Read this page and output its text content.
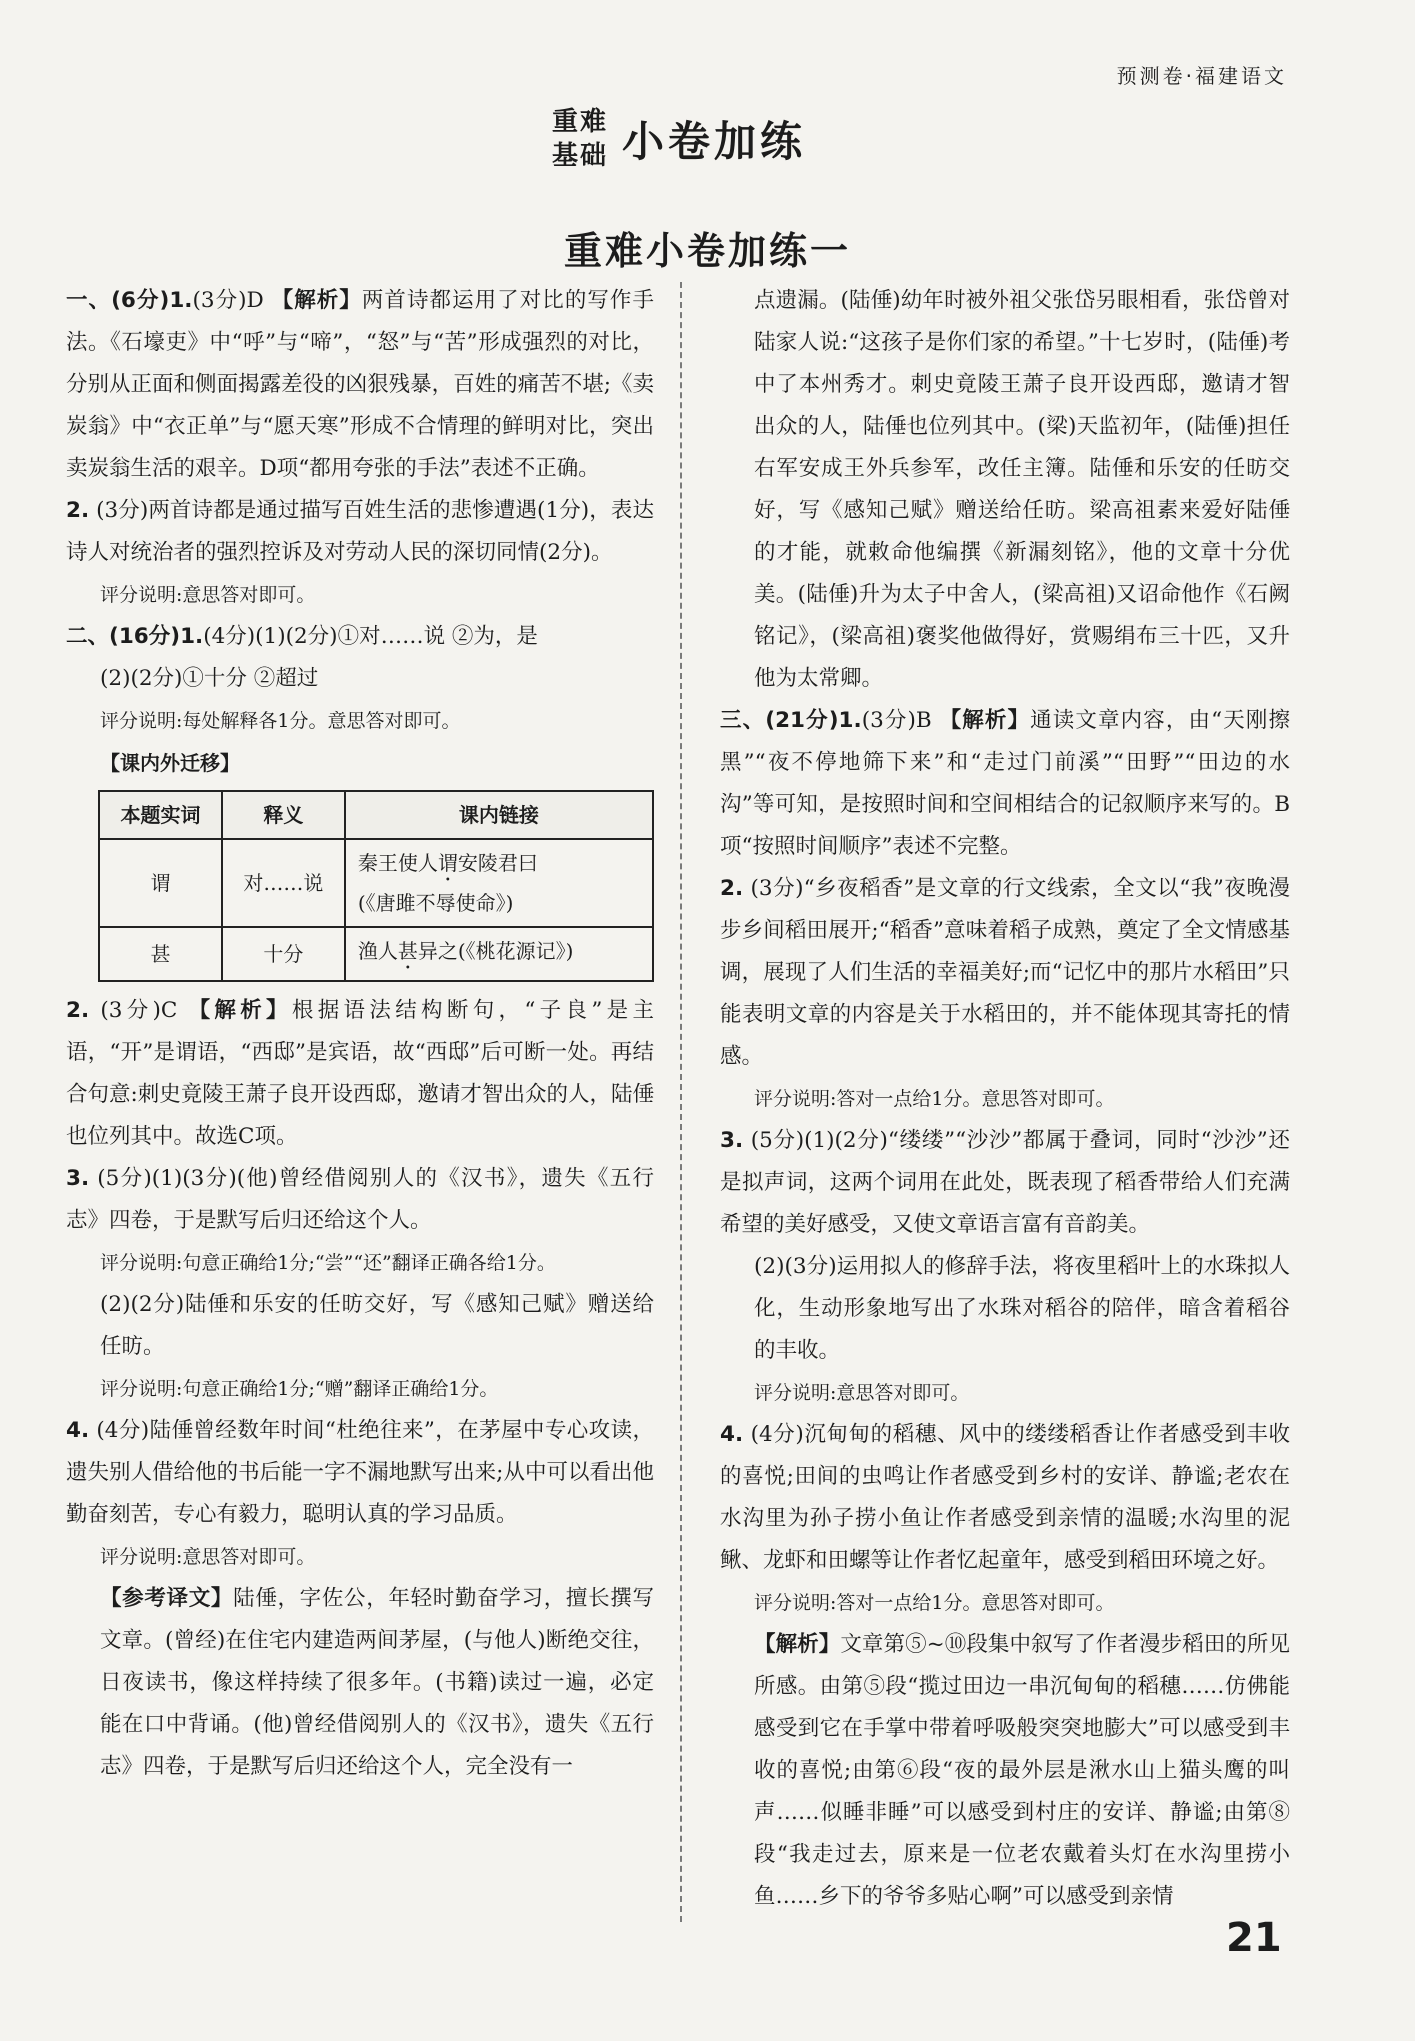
预测卷·福建语文
重难
基础 小卷加练
重难小卷加练一

一、(6分)1.(3分)D 【解析】两首诗都运用了对比的写作手法。《石壕吏》中“呼”与“啼”，“怒”与“苦”形成强烈的对比，分别从正面和侧面揭露差役的凶狠残暴，百姓的痛苦不堪;《卖炭翁》中“衣正单”与“愿天寒”形成不合情理的鲜明对比，突出卖炭翁生活的艰辛。D项“都用夸张的手法”表述不正确。

2. (3分)两首诗都是通过描写百姓生活的悲惨遭遇(1分)，表达诗人对统治者的强烈控诉及对劳动人民的深切同情(2分)。

评分说明:意思答对即可。

二、(16分)1.(4分)(1)(2分)①对……说 ②为，是

(2)(2分)①十分 ②超过
评分说明:每处解释各1分。意思答对即可。
【课内外迁移】
本题实词	释义	课内链接
谓	对……说	秦王使人谓安陵君曰
(《唐雎不辱使命》)
甚	十分	渔人甚异之(《桃花源记》)

2. (3分)C 【解析】根据语法结构断句，“子良”是主语，“开”是谓语，“西邸”是宾语，故“西邸”后可断一处。再结合句意:刺史竟陵王萧子良开设西邸，邀请才智出众的人，陆倕也位列其中。故选C项。

3. (5分)(1)(3分)(他)曾经借阅别人的《汉书》，遗失《五行志》四卷，于是默写后归还给这个人。

评分说明:句意正确给1分;“尝”“还”翻译正确各给1分。
(2)(2分)陆倕和乐安的任昉交好，写《感知己赋》赠送给任昉。
评分说明:句意正确给1分;“赠”翻译正确给1分。

4. (4分)陆倕曾经数年时间“杜绝往来”，在茅屋中专心攻读，遗失别人借给他的书后能一字不漏地默写出来;从中可以看出他勤奋刻苦，专心有毅力，聪明认真的学习品质。

评分说明:意思答对即可。

【参考译文】陆倕，字佐公，年轻时勤奋学习，擅长撰写文章。(曾经)在住宅内建造两间茅屋，(与他人)断绝交往，日夜读书，像这样持续了很多年。(书籍)读过一遍，必定能在口中背诵。(他)曾经借阅别人的《汉书》，遗失《五行志》四卷，于是默写后归还给这个人，完全没有一

点遗漏。(陆倕)幼年时被外祖父张岱另眼相看，张岱曾对陆家人说:“这孩子是你们家的希望。”十七岁时，(陆倕)考中了本州秀才。刺史竟陵王萧子良开设西邸，邀请才智出众的人，陆倕也位列其中。(梁)天监初年，(陆倕)担任右军安成王外兵参军，改任主簿。陆倕和乐安的任昉交好，写《感知己赋》赠送给任昉。梁高祖素来爱好陆倕的才能，就敕命他编撰《新漏刻铭》，他的文章十分优美。(陆倕)升为太子中舍人，(梁高祖)又诏命他作《石阙铭记》，(梁高祖)褒奖他做得好，赏赐绢布三十匹，又升他为太常卿。

三、(21分)1.(3分)B 【解析】通读文章内容，由“天刚擦黑”“夜不停地筛下来”和“走过门前溪”“田野”“田边的水沟”等可知，是按照时间和空间相结合的记叙顺序来写的。B项“按照时间顺序”表述不完整。

2. (3分)“乡夜稻香”是文章的行文线索，全文以“我”夜晚漫步乡间稻田展开;“稻香”意味着稻子成熟，奠定了全文情感基调，展现了人们生活的幸福美好;而“记忆中的那片水稻田”只能表明文章的内容是关于水稻田的，并不能体现其寄托的情感。

评分说明:答对一点给1分。意思答对即可。

3. (5分)(1)(2分)“缕缕”“沙沙”都属于叠词，同时“沙沙”还是拟声词，这两个词用在此处，既表现了稻香带给人们充满希望的美好感受，又使文章语言富有音韵美。

(2)(3分)运用拟人的修辞手法，将夜里稻叶上的水珠拟人化，生动形象地写出了水珠对稻谷的陪伴，暗含着稻谷的丰收。
评分说明:意思答对即可。

4. (4分)沉甸甸的稻穗、风中的缕缕稻香让作者感受到丰收的喜悦;田间的虫鸣让作者感受到乡村的安详、静谧;老农在水沟里为孙子捞小鱼让作者感受到亲情的温暖;水沟里的泥鳅、龙虾和田螺等让作者忆起童年，感受到稻田环境之好。

评分说明:答对一点给1分。意思答对即可。

【解析】文章第⑤~⑩段集中叙写了作者漫步稻田的所见所感。由第⑤段“揽过田边一串沉甸甸的稻穗……仿佛能感受到它在手掌中带着呼吸般突突地膨大”可以感受到丰收的喜悦;由第⑥段“夜的最外层是湫水山上猫头鹰的叫声……似睡非睡”可以感受到村庄的安详、静谧;由第⑧段“我走过去，原来是一位老农戴着头灯在水沟里捞小鱼……乡下的爷爷多贴心啊”可以感受到亲情

21
